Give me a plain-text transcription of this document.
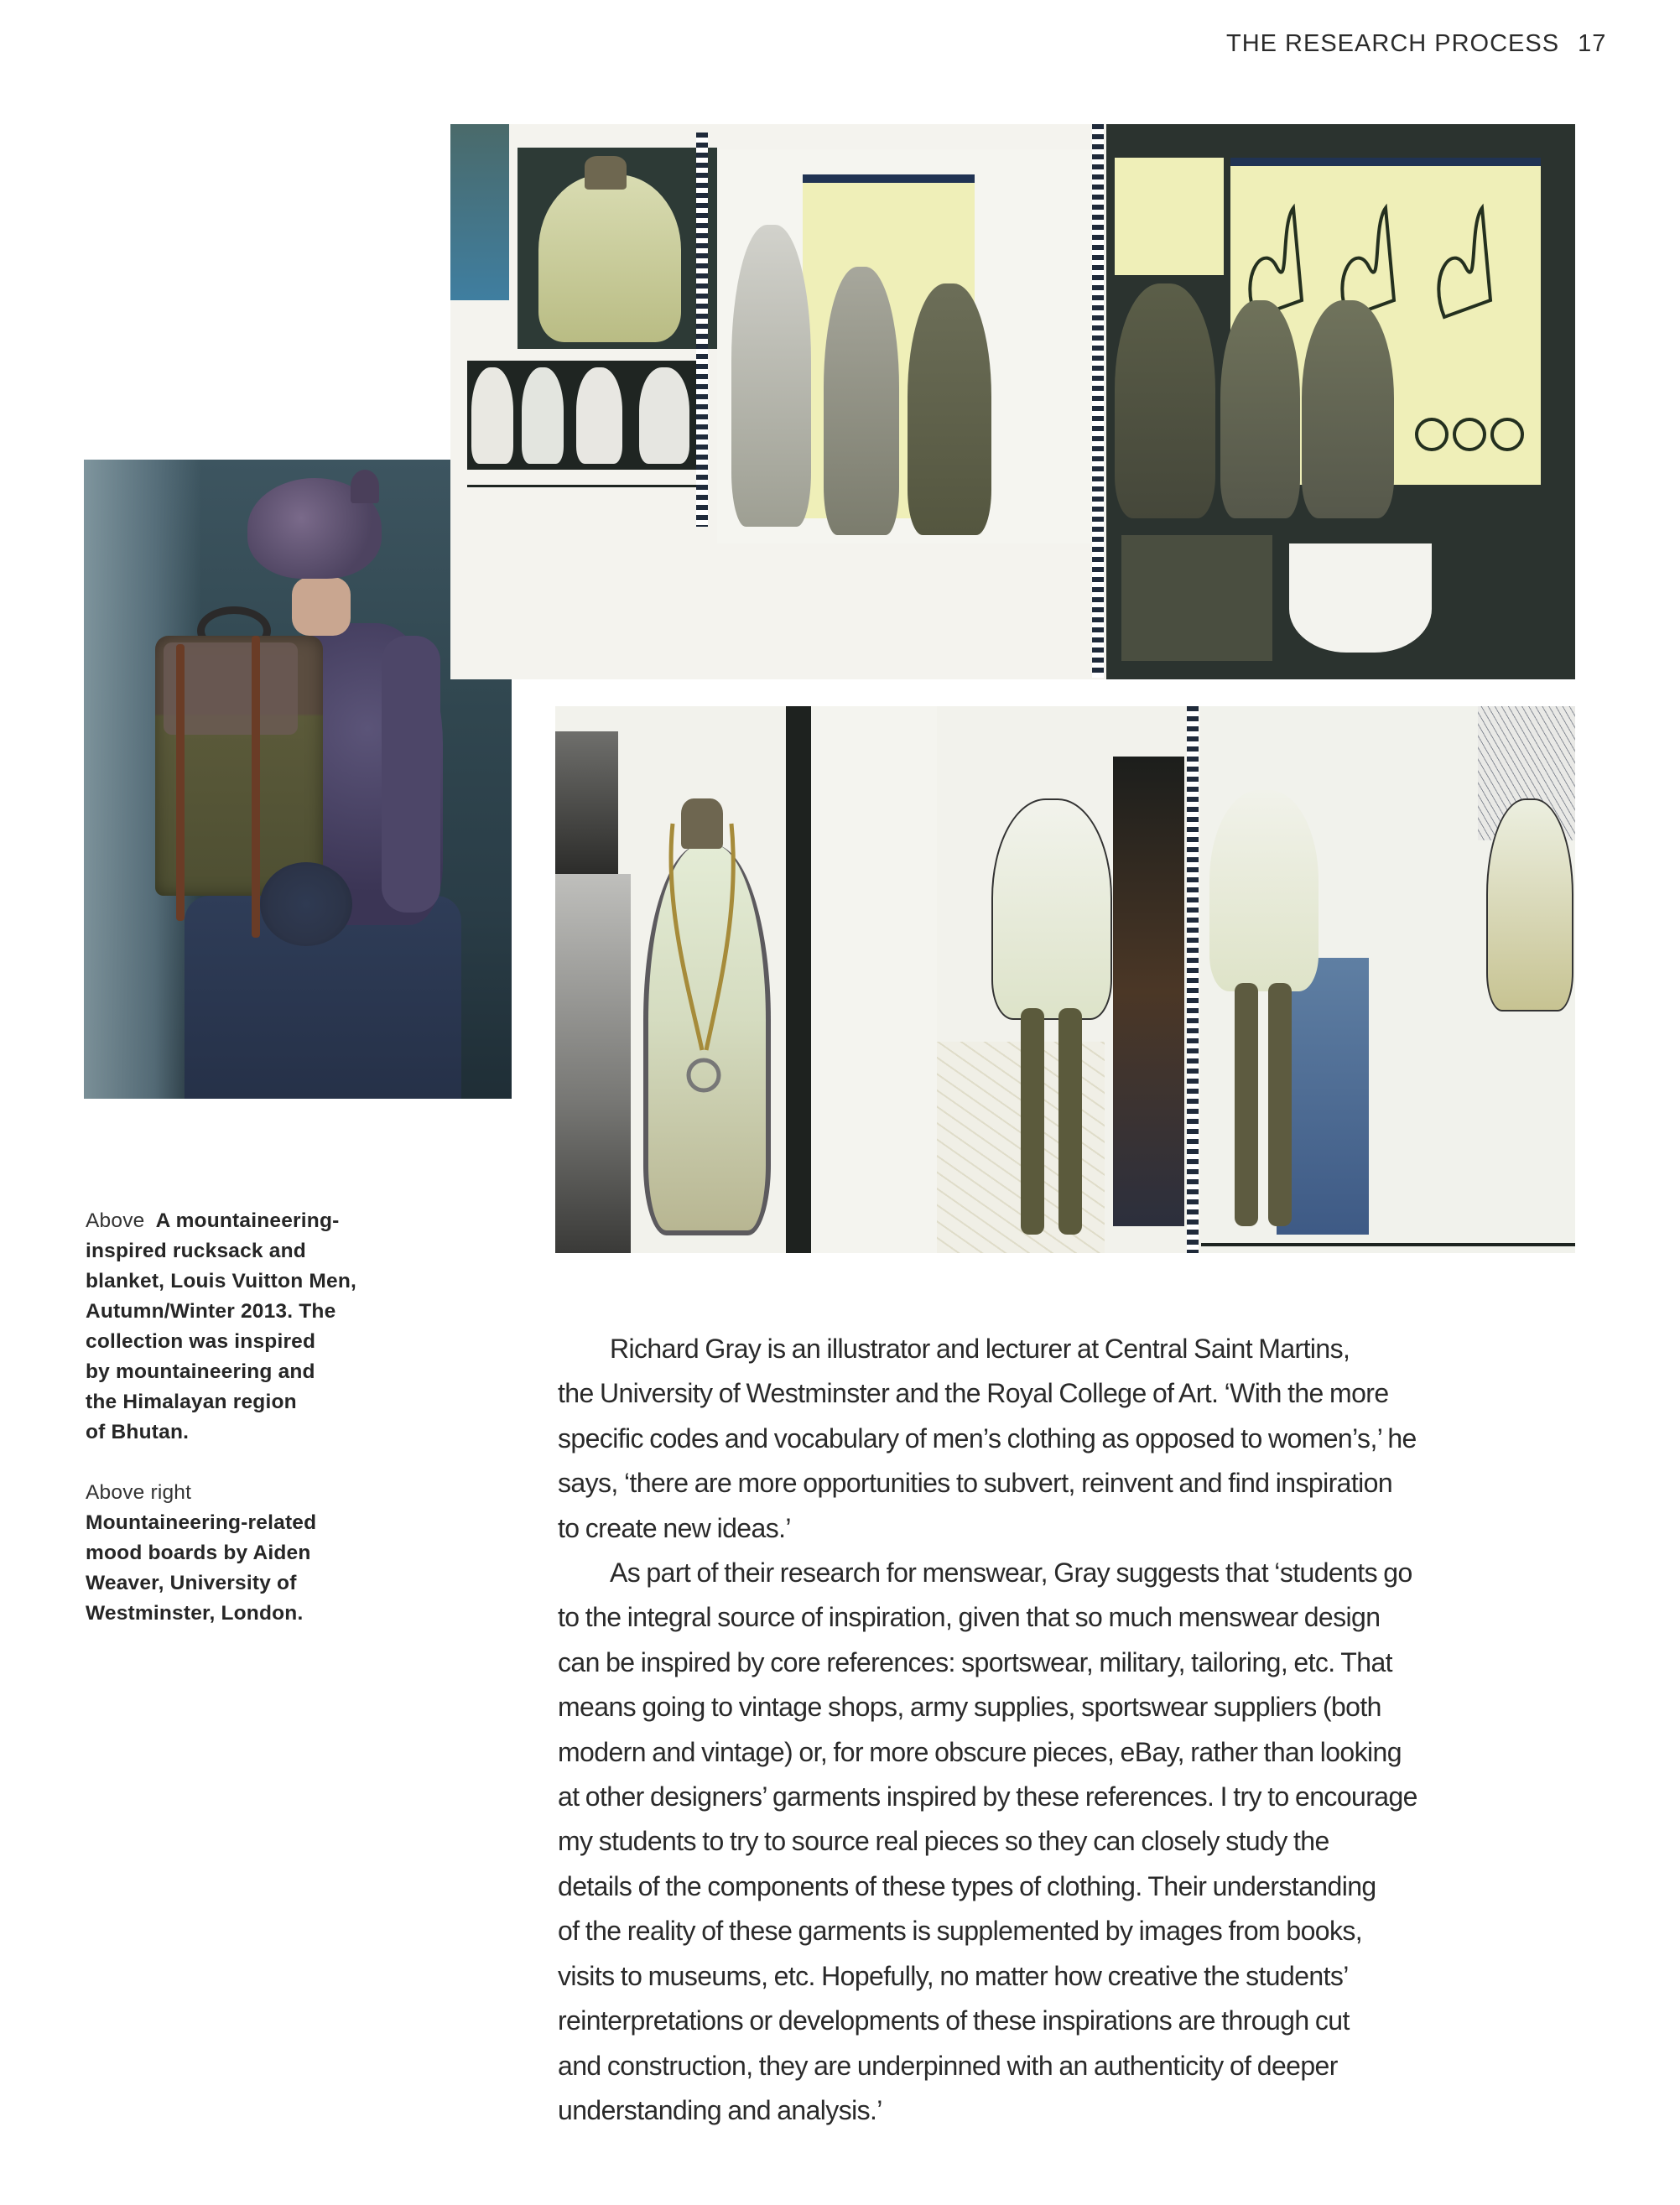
THE RESEARCH PROCESS 17
Above A mountaineering-
inspired rucksack and
blanket, Louis Vuitton Men,
Autumn/Winter 2013. The
collection was inspired
by mountaineering and
the Himalayan region
of Bhutan.
Above right
Mountaineering-related
mood boards by Aiden
Weaver, University of
Westminster, London.
Richard Gray is an illustrator and lecturer at Central Saint Martins,
the University of Westminster and the Royal College of Art. ‘With the more
specific codes and vocabulary of men’s clothing as opposed to women’s,’ he
says, ‘there are more opportunities to subvert, reinvent and find inspiration
to create new ideas.’
As part of their research for menswear, Gray suggests that ‘students go
to the integral source of inspiration, given that so much menswear design
can be inspired by core references: sportswear, military, tailoring, etc. That
means going to vintage shops, army supplies, sportswear suppliers (both
modern and vintage) or, for more obscure pieces, eBay, rather than looking
at other designers’ garments inspired by these references. I try to encourage
my students to try to source real pieces so they can closely study the
details of the components of these types of clothing. Their understanding
of the reality of these garments is supplemented by images from books,
visits to museums, etc. Hopefully, no matter how creative the students’
reinterpretations or developments of these inspirations are through cut
and construction, they are underpinned with an authenticity of deeper
understanding and analysis.’
